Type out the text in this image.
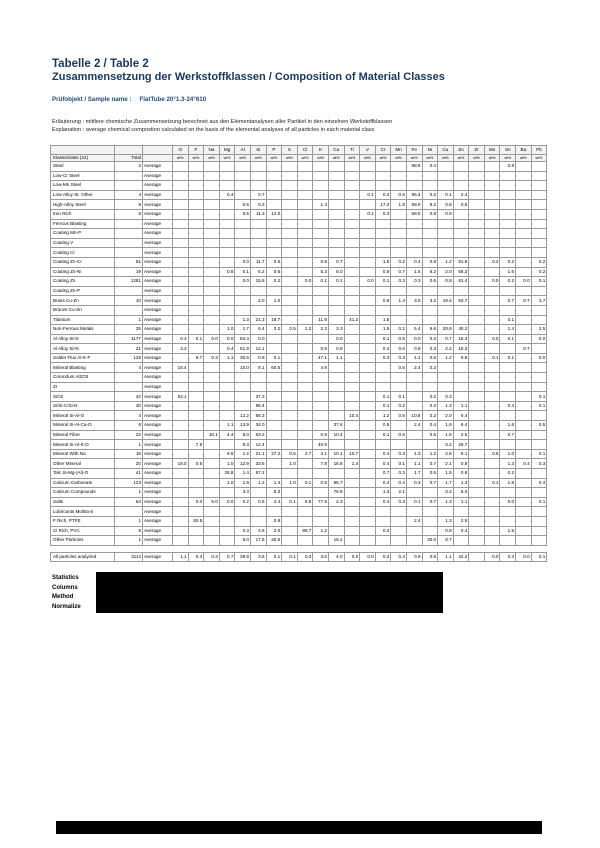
Tabelle 2 / Table 2
Zusammensetzung der Werkstoffklassen / Composition of Material Classes
Prüfobjekt / Sample name : FlatTube 20°1.3-24°610
Erläuterung : mittlere chemische Zusammensetzung berechnet aus den Elementanalysen aller Partikel in den einzelnen Werkstoffklassen
Explanation : average chemical compostion calculated on the basis of the elemental analyses of all particles in each material class
			O	F	Na	Mg	Al	Si	P	S	Cl	K	Ca	Ti	V	Cr	Mn	Fe	Ni	Cu	Zn	Zr	Mo	Sn	Ba	Pb
Klasse/class (41)	Total		wt%	wt%	wt%	wt%	wt%	wt%	wt%	wt%	wt%	wt%	wt%	wt%	wt%	wt%	wt%	wt%	wt%	wt%	wt%	wt%	wt%	wt%	wt%	wt%
Steel	2	Average																98.8	0.4					0.8		
Low-Cr Steel		Average																								
Low-Mn Steel		Average																								
Low-Alloy St. Other	4	Average				0.4		0.7							0.1	0.2	0.5	95.3	0.2	0.1	2.4					
High-Alloy Steel	9	Average					0.5	0.3				1.4				17.2	1.8	69.0	8.2	0.8	0.6					
Iron Rich	6	Average					5.5	11.3	12.0						0.1	0.3		69.0	0.8	0.9						
Ferrous Blasting		Average																								
Coating Mn-P		Average																								
Coating V		Average																								
Coating Cr		Average																								
Coating Zn-Cr	51	Average					0.0	11.7	0.5			0.8	0.7			1.5	0.2	0.4	0.8	1.2	81.6		0.2	0.2		0.2
Coating Zn-Ni	19	Average				0.8	0.1	6.2	0.6			5.3	8.0			0.5	0.7	1.6	6.2	2.0	66.2			1.6		0.2
Coating Zn	1281	Average					0.0	15.6	0.2		0.0	0.1	0.1		0.0	0.1	0.3	0.3	0.6	0.9	81.4		0.0	0.2	0.0	0.1
Coating Zn-P		Average																								
Brass Cu-Zn	10	Average						2.0	1.0							0.8	1.4	3.5	3.2	19.4	63.7			0.7	0.7	3.7
Bronze Cu-Sn		Average																								
Titanium	1	Average					1.3	21.3	18.7			11.9		41.2		1.5								4.1		
Non-Ferrous Metals	25	Average				1.0	1.7	6.4	3.2	0.5	1.2	2.2	3.3			1.5	0.2	5.4	6.6	20.6	40.2			1.4		2.5
Al Alloy Si<5	1177	Average	0.3	0.1	0.0	0.0	82.4	0.0					0.0			0.1	0.6	0.0	0.3	0.7	15.3		0.0	0.1		0.0
Al Alloy Si>5	21	Average	3.3			0.4	61.9	12.1				0.9	0.9			0.4	0.6	0.8	0.3	2.2	15.2				0.7	
Solder Flux Al-K-F	125	Average		6.7	0.3	1.1	30.6	0.8	0.1			47.1	1.1			0.3	0.3	1.1	0.5	1.2	6.6		0.1	0.1		0.0
Mineral Blasting	4	Average	15.4				10.0	8.1	60.5			4.9					0.5	2.4	0.2							
Corundum Al2O3		Average																								
Zr		Average																								
SiO2	42	Average	62.1					37.3								0.1	0.1		0.2	0.3						0.1
Si/Si-C/Si-N	30	Average						96.4								0.1	0.2		0.3	1.3	1.1			0.4		0.1
Mineral Si-Al-O	4	Average					12.2	56.3						10.4		1.2	0.6	10.8	0.2	2.0	6.4					
Mineral Si-Al-Ca-O	6	Average				1.1	13.9	34.0					37.6			0.5		2.4	0.4	1.6	6.4			1.6		0.5
Mineral Fibre	22	Average			10.1	4.4	5.0	63.2				0.9	10.4			0.1	0.5		0.5	1.5	2.5			0.7		
Mineral Si-Al-K-O	1	Average		7.5			9.3	12.4				40.9								3.2	26.7					
Mineral With Na	18	Average				9.8	1.2	21.1	27.2	0.5	2.7	4.1	10.1	10.7		0.4	0.3	1.3	1.2	2.6	5.1		0.5	1.0		0.1
Other Mineral	20	Average	18.0	0.5		1.0	12.9	33.5		1.0		7.8	16.6	1.4		0.4	0.1	1.1	0.7	2.1	0.8			1.3	0.4	0.3
Talc Si-Mg-(Al)-O	41	Average				28.8	1.4	57.2								0.7	0.3	1.7	0.5	1.5	0.8			0.2		
Calcium Carbonate	123	Average				1.0	1.9	1.2	1.4	1.0	0.1	0.5	85.7			0.4	0.4	0.3	0.7	1.7	1.3		0.1	1.8		0.4
Calcium Compounds	1	Average					3.3		8.3				76.8			1.3	2.1			3.2	5.0					
Salts	64	Average		0.0	5.0	0.0	0.2	0.5	4.4	0.1	5.6	77.9	2.3			0.4	0.3	0.1	0.7	1.3	1.1			0.0		0.1
Lubricants Mo/Ba-S		Average																								
F Rich, PTFE	1	Average		92.5					0.9									2.4		1.3	2.5					
Cl Rich, PVC	5	Average					0.3	4.6	2.0		88.7	1.2				0.2				0.8	0.4			1.5		
Other Particles	1	Average					5.0	17.5	30.6				16.1						30.0	0.7						

All particles analyzed	3114	Average	1.1	0.3	0.3	0.7	39.9	3.6	0.1	0.1	0.3	3.6	4.0	0.0	0.0	0.2	0.4	0.9	0.6	1.1	42.2		0.0	0.3	0.0	0.1
Statistics
Columns
Method
Normalize
